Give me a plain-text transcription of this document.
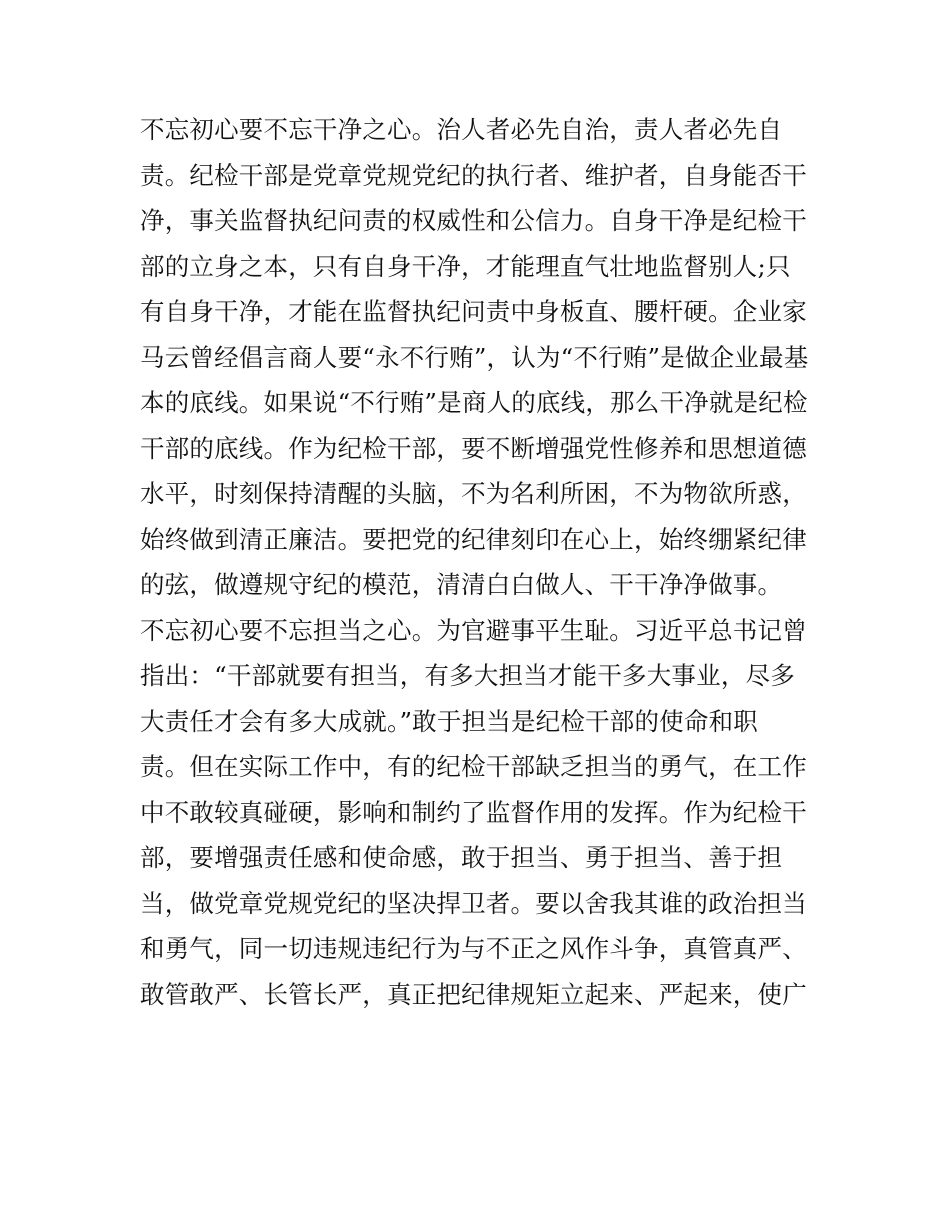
不忘初心要不忘干净之心。治人者必先自治，责人者必先自
责。纪检干部是党章党规党纪的执行者、维护者，自身能否干
净，事关监督执纪问责的权威性和公信力。自身干净是纪检干
部的立身之本，只有自身干净，才能理直气壮地监督别人;只
有自身干净，才能在监督执纪问责中身板直、腰杆硬。企业家
马云曾经倡言商人要“永不行贿”，认为“不行贿”是做企业最基
本的底线。如果说“不行贿”是商人的底线，那么干净就是纪检
干部的底线。作为纪检干部，要不断增强党性修养和思想道德
水平，时刻保持清醒的头脑，不为名利所困，不为物欲所惑，
始终做到清正廉洁。要把党的纪律刻印在心上，始终绷紧纪律
的弦，做遵规守纪的模范，清清白白做人、干干净净做事。
不忘初心要不忘担当之心。为官避事平生耻。习近平总书记曾
指出：“干部就要有担当，有多大担当才能干多大事业，尽多
大责任才会有多大成就。”敢于担当是纪检干部的使命和职
责。但在实际工作中，有的纪检干部缺乏担当的勇气，在工作
中不敢较真碰硬，影响和制约了监督作用的发挥。作为纪检干
部，要增强责任感和使命感，敢于担当、勇于担当、善于担
当，做党章党规党纪的坚决捍卫者。要以舍我其谁的政治担当
和勇气，同一切违规违纪行为与不正之风作斗争，真管真严、
敢管敢严、长管长严，真正把纪律规矩立起来、严起来，使广
